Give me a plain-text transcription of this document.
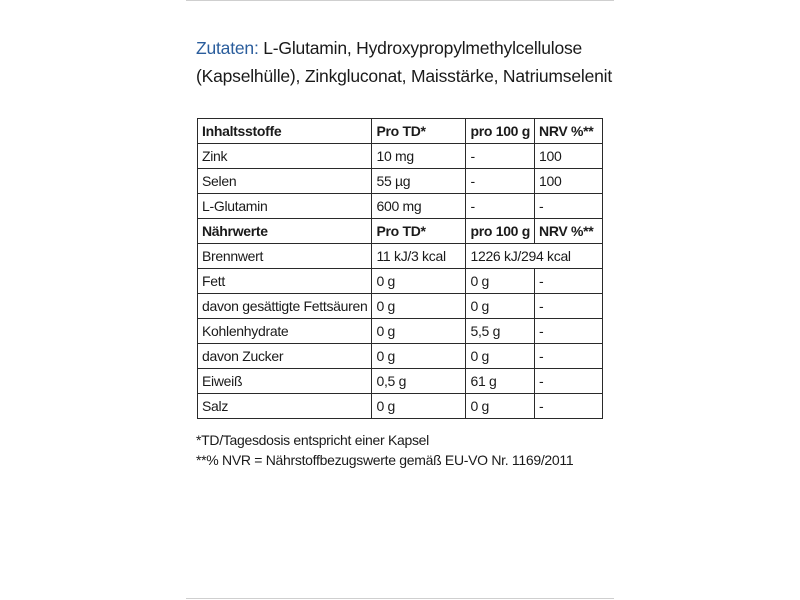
Zutaten: L-Glutamin, Hydroxypropylmethylcellulose (Kapselhülle), Zinkgluconat, Maisstärke, Natriumselenit
Inhaltsstoffe	Pro TD*	pro 100 g	NRV %**
Zink	10 mg	-	100
Selen	55 µg	-	100
L-Glutamin	600 mg	-	-
Nährwerte	Pro TD*	pro 100 g	NRV %**
Brennwert	11 kJ/3 kcal	1226 kJ/294 kcal	
Fett	0 g	0 g	-
davon gesättigte Fettsäuren	0 g	0 g	-
Kohlenhydrate	0 g	5,5 g	-
davon Zucker	0 g	0 g	-
Eiweiß	0,5 g	61 g	-
Salz	0 g	0 g	-
*TD/Tagesdosis entspricht einer Kapsel
**% NVR = Nährstoffbezugswerte gemäß EU-VO Nr. 1169/2011
